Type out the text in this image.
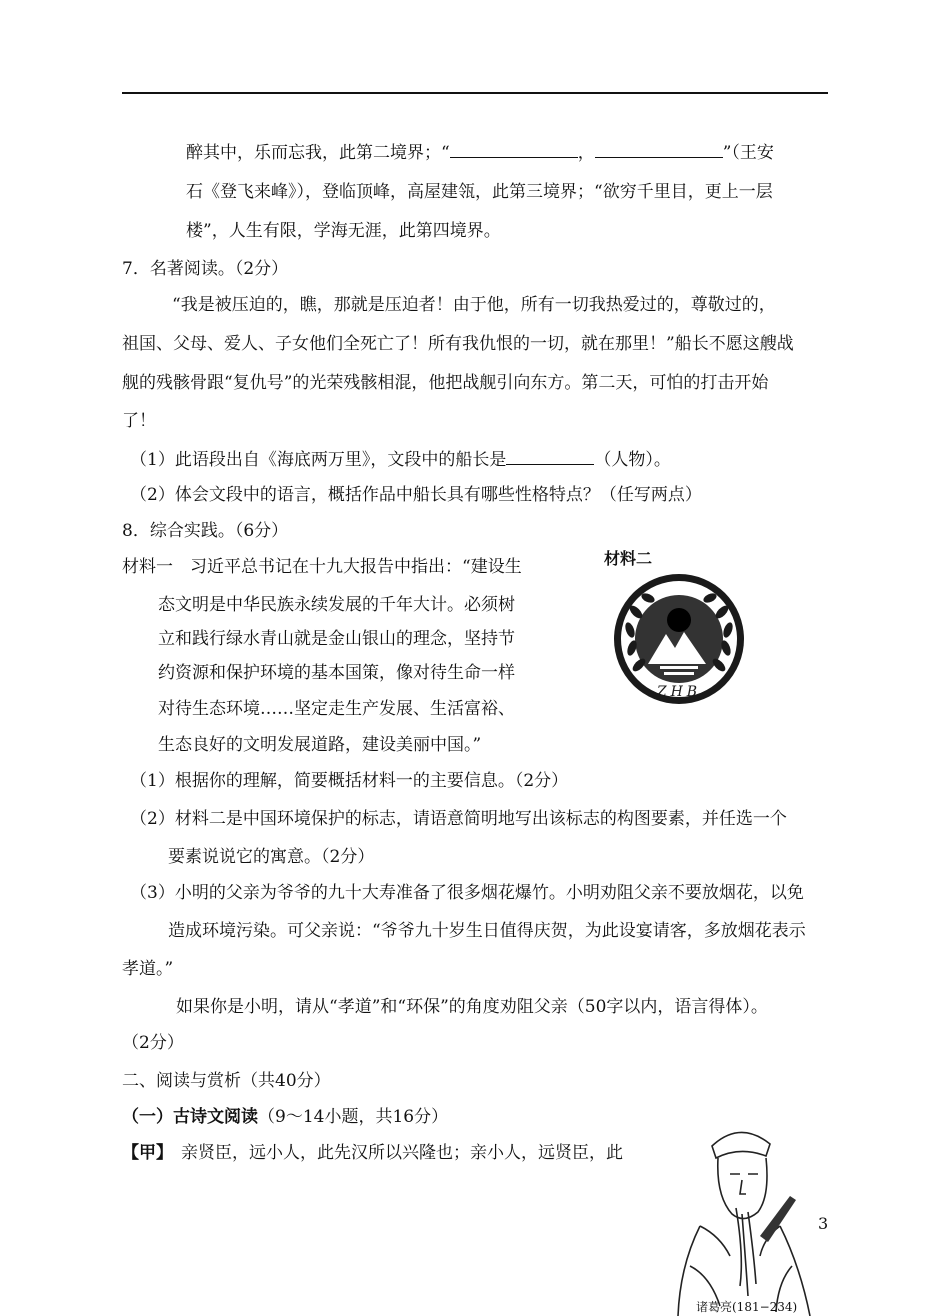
醉其中，乐而忘我，此第二境界；“	，	”（王安
石《登飞来峰》），登临顶峰，高屋建瓴，此第三境界；“欲穷千里目，更上一层
楼”，人生有限，学海无涯，此第四境界。
7．名著阅读。（2分）
“我是被压迫的，瞧，那就是压迫者！由于他，所有一切我热爱过的，尊敬过的，
祖国、父母、爱人、子女他们全死亡了！所有我仇恨的一切，就在那里！”船长不愿这艘战
舰的残骸骨跟“复仇号”的光荣残骸相混，他把战舰引向东方。第二天，可怕的打击开始
了！
（1）此语段出自《海底两万里》，文段中的船长是	（人物）。
（2）体会文段中的语言，概括作品中船长具有哪些性格特点？（任写两点）
8．综合实践。（6分）
材料一　习近平总书记在十九大报告中指出：“建设生
态文明是中华民族永续发展的千年大计。必须树
立和践行绿水青山就是金山银山的理念，坚持节
约资源和保护环境的基本国策，像对待生命一样
对待生态环境……坚定走生产发展、生活富裕、
生态良好的文明发展道路，建设美丽中国。”
材料二
ZHB
（1）根据你的理解，简要概括材料一的主要信息。（2分）
（2）材料二是中国环境保护的标志，请语意简明地写出该标志的构图要素，并任选一个
要素说说它的寓意。（2分）
（3）小明的父亲为爷爷的九十大寿准备了很多烟花爆竹。小明劝阻父亲不要放烟花，以免
造成环境污染。可父亲说：“爷爷九十岁生日值得庆贺，为此设宴请客，多放烟花表示
孝道。”
如果你是小明，请从“孝道”和“环保”的角度劝阻父亲（50字以内，语言得体）。
（2分）
二、阅读与赏析（共40分）
（一）古诗文阅读（9～14小题，共16分）
【甲】 亲贤臣，远小人，此先汉所以兴隆也；亲小人，远贤臣，此
诸葛亮(181−234)
3
